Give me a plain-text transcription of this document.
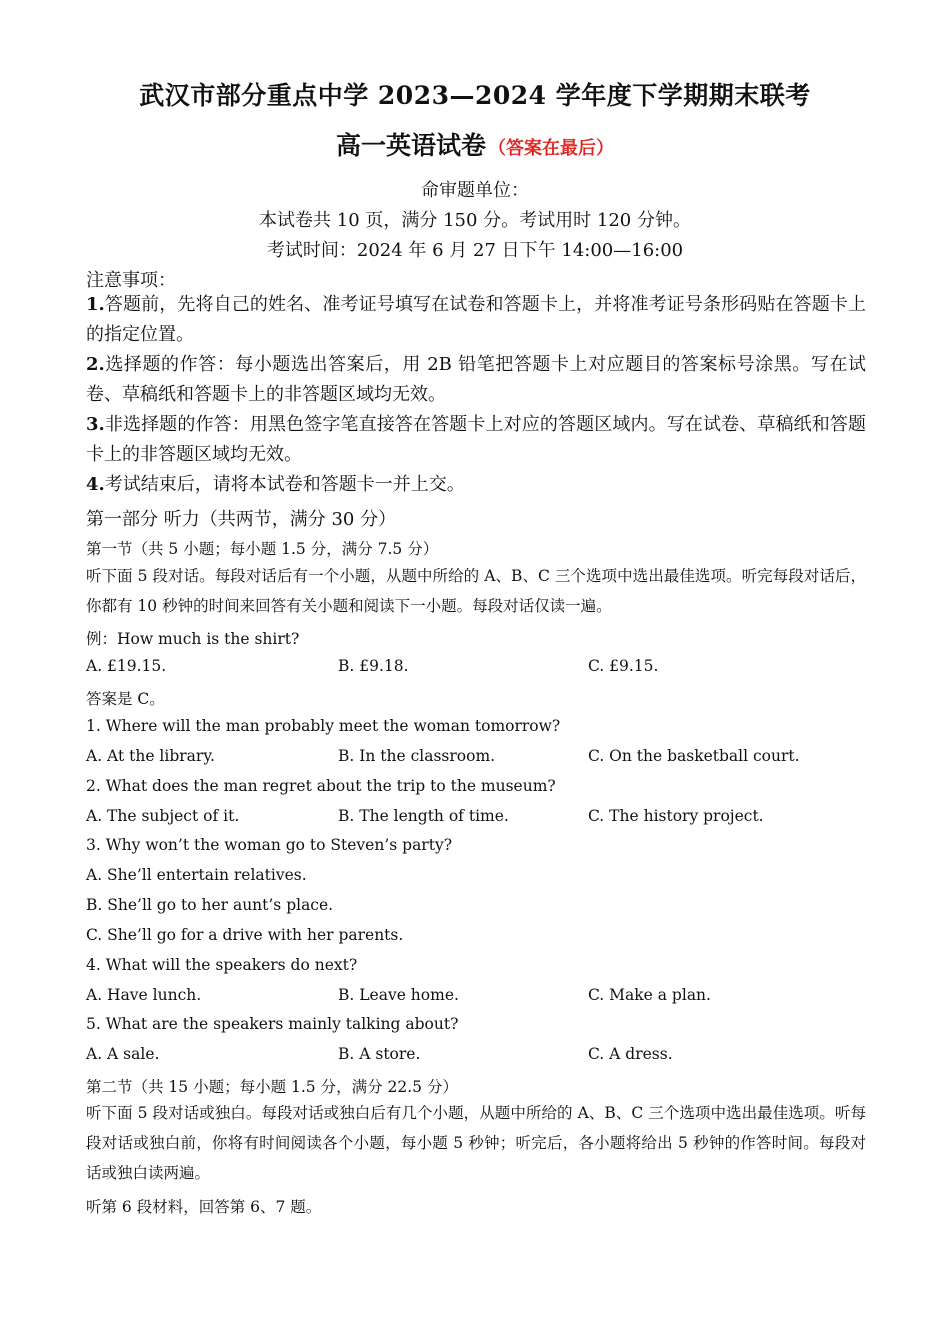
武汉市部分重点中学 2023—2024 学年度下学期期末联考
高一英语试卷 （答案在最后）
命审题单位：
本试卷共 10 页，满分 150 分。考试用时 120 分钟。
考试时间：2024 年 6 月 27 日下午 14:00—16:00
注意事项：
1.答题前，先将自己的姓名、准考证号填写在试卷和答题卡上，并将准考证号条形码贴在答题卡上的指定位置。
2.选择题的作答：每小题选出答案后，用 2B 铅笔把答题卡上对应题目的答案标号涂黑。写在试卷、草稿纸和答题卡上的非答题区域均无效。
3.非选择题的作答：用黑色签字笔直接答在答题卡上对应的答题区域内。写在试卷、草稿纸和答题卡上的非答题区域均无效。
4.考试结束后，请将本试卷和答题卡一并上交。
第一部分 听力（共两节，满分 30 分）
第一节（共 5 小题；每小题 1.5 分，满分 7.5 分）
听下面 5 段对话。每段对话后有一个小题，从题中所给的 A、B、C 三个选项中选出最佳选项。听完每段对话后，你都有 10 秒钟的时间来回答有关小题和阅读下一小题。每段对话仅读一遍。
例：How much is the shirt?
A. £19.15.	B. £9.18.	C. £9.15.
答案是 C。
1. Where will the man probably meet the woman tomorrow?
A. At the library.	B. In the classroom.	C. On the basketball court.
2. What does the man regret about the trip to the museum?
A. The subject of it.	B. The length of time.	C. The history project.
3. Why won’t the woman go to Steven’s party?
A. She’ll entertain relatives.
B. She’ll go to her aunt’s place.
C. She’ll go for a drive with her parents.
4. What will the speakers do next?
A. Have lunch.	B. Leave home.	C. Make a plan.
5. What are the speakers mainly talking about?
A. A sale.	B. A store.	C. A dress.
第二节（共 15 小题；每小题 1.5 分，满分 22.5 分）
听下面 5 段对话或独白。每段对话或独白后有几个小题，从题中所给的 A、B、C 三个选项中选出最佳选项。听每段对话或独白前，你将有时间阅读各个小题，每小题 5 秒钟；听完后，各小题将给出 5 秒钟的作答时间。每段对话或独白读两遍。
听第 6 段材料，回答第 6、7 题。
